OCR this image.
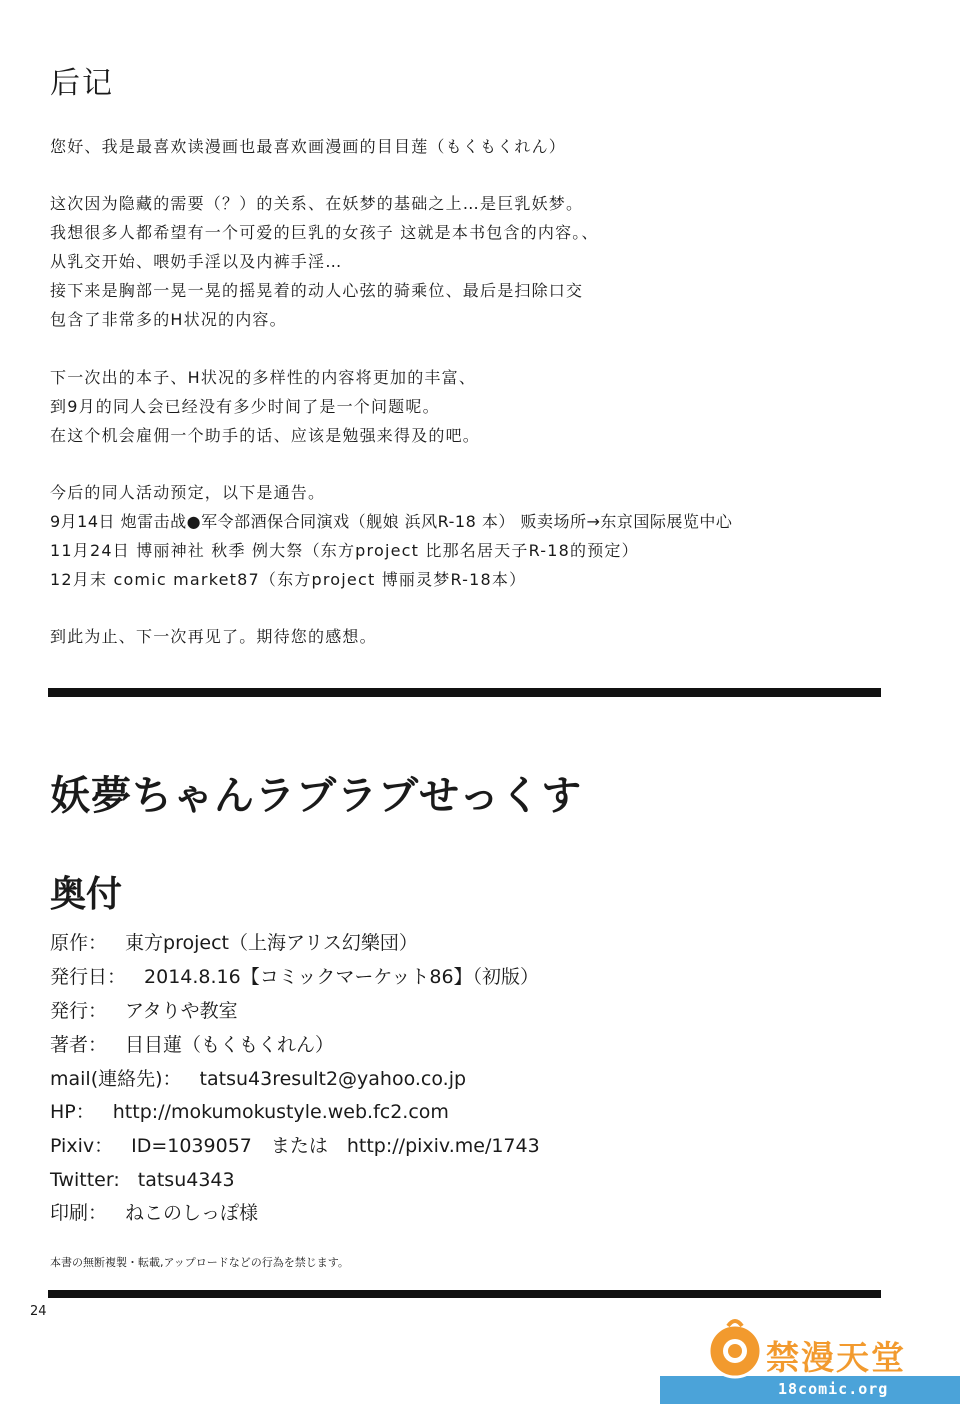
后记
您好、我是最喜欢读漫画也最喜欢画漫画的目目莲（もくもくれん）
这次因为隐藏的需要（？）的关系、在妖梦的基础之上…是巨乳妖梦。
我想很多人都希望有一个可爱的巨乳的女孩子 这就是本书包含的内容。、
从乳交开始、喂奶手淫以及内裤手淫…
接下来是胸部一晃一晃的摇晃着的动人心弦的骑乘位、最后是扫除口交
包含了非常多的H状况的内容。
下一次出的本子、H状况的多样性的内容将更加的丰富、
到9月的同人会已经没有多少时间了是一个问题呢。
在这个机会雇佣一个助手的话、应该是勉强来得及的吧。
今后的同人活动预定，以下是通告。
9月14日 炮雷击战●军令部酒保合同演戏（舰娘 浜风R-18 本） 贩卖场所→东京国际展览中心
11月24日 博丽神社 秋季 例大祭（东方project 比那名居天子R-18的预定）
12月末 comic market87（东方project 博丽灵梦R-18本）
到此为止、下一次再见了。期待您的感想。
妖夢ちゃんラブラブせっくす
奥付
原作： 東方project（上海アリス幻樂団）
発行日： 2014.8.16【コミックマーケット86】（初版）
発行： アタりや教室
著者： 目目蓮（もくもくれん）
mail(連絡先)： tatsu43result2@yahoo.co.jp
HP： http://mokumokustyle.web.fc2.com
Pixiv： ID=1039057　または　http://pixiv.me/1743
Twitter: tatsu4343
印刷： ねこのしっぽ様
本書の無断複製・転載,アップロードなどの行為を禁じます。
24
禁漫天堂
18comic.org
